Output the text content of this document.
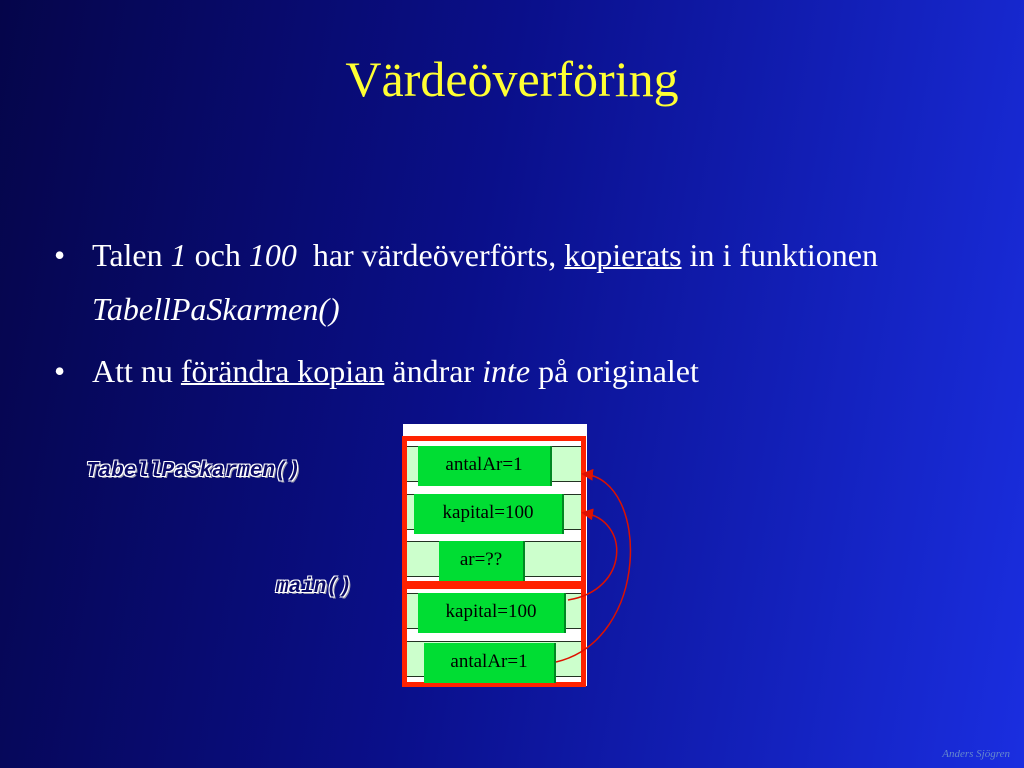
Värdeöverföring
• Talen 1 och 100  har värdeöverförts, kopierats in i funktionen TabellPaSkarmen()
• Att nu förändra kopian ändrar inte på originalet
TabellPaSkarmen()
main()
antalAr=1
kapital=100
ar=??
kapital=100
antalAr=1
Anders Sjögren
